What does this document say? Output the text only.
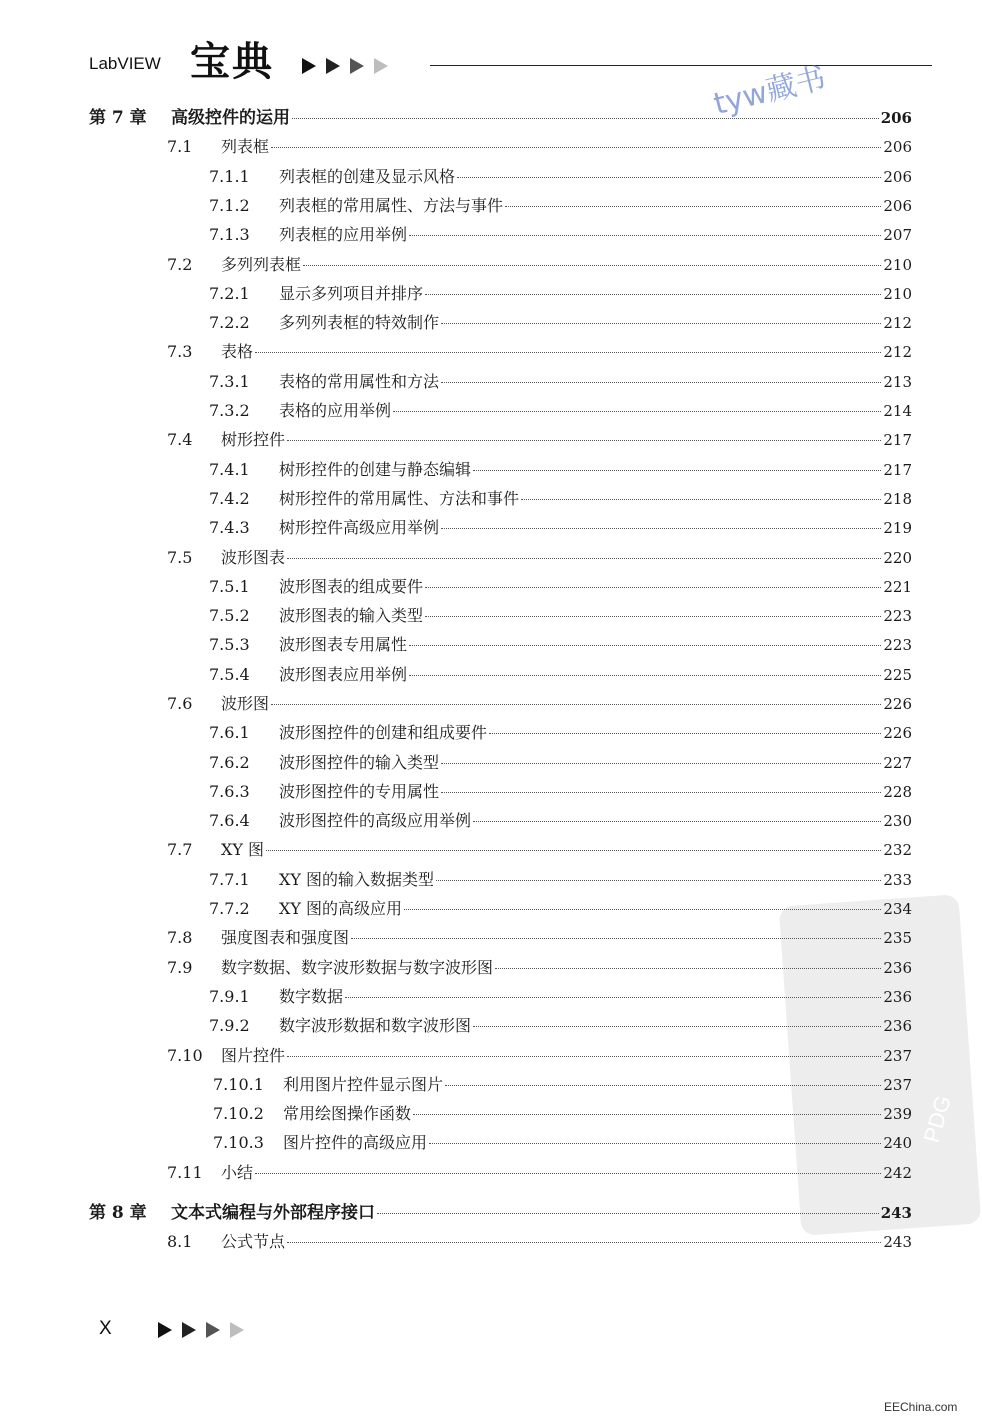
LabVIEW 宝典	tyw藏书
PDG
第 7 章	高级控件的运用	206
7.1	列表框	206
7.1.1	列表框的创建及显示风格	206
7.1.2	列表框的常用属性、方法与事件	206
7.1.3	列表框的应用举例	207
7.2	多列列表框	210
7.2.1	显示多列项目并排序	210
7.2.2	多列列表框的特效制作	212
7.3	表格	212
7.3.1	表格的常用属性和方法	213
7.3.2	表格的应用举例	214
7.4	树形控件	217
7.4.1	树形控件的创建与静态编辑	217
7.4.2	树形控件的常用属性、方法和事件	218
7.4.3	树形控件高级应用举例	219
7.5	波形图表	220
7.5.1	波形图表的组成要件	221
7.5.2	波形图表的输入类型	223
7.5.3	波形图表专用属性	223
7.5.4	波形图表应用举例	225
7.6	波形图	226
7.6.1	波形图控件的创建和组成要件	226
7.6.2	波形图控件的输入类型	227
7.6.3	波形图控件的专用属性	228
7.6.4	波形图控件的高级应用举例	230
7.7	XY 图	232
7.7.1	XY 图的输入数据类型	233
7.7.2	XY 图的高级应用	234
7.8	强度图表和强度图	235
7.9	数字数据、数字波形数据与数字波形图	236
7.9.1	数字数据	236
7.9.2	数字波形数据和数字波形图	236
7.10	图片控件	237
7.10.1	利用图片控件显示图片	237
7.10.2	常用绘图操作函数	239
7.10.3	图片控件的高级应用	240
7.11	小结	242
第 8 章	文本式编程与外部程序接口	243
8.1	公式节点	243
X
EEChina.com
